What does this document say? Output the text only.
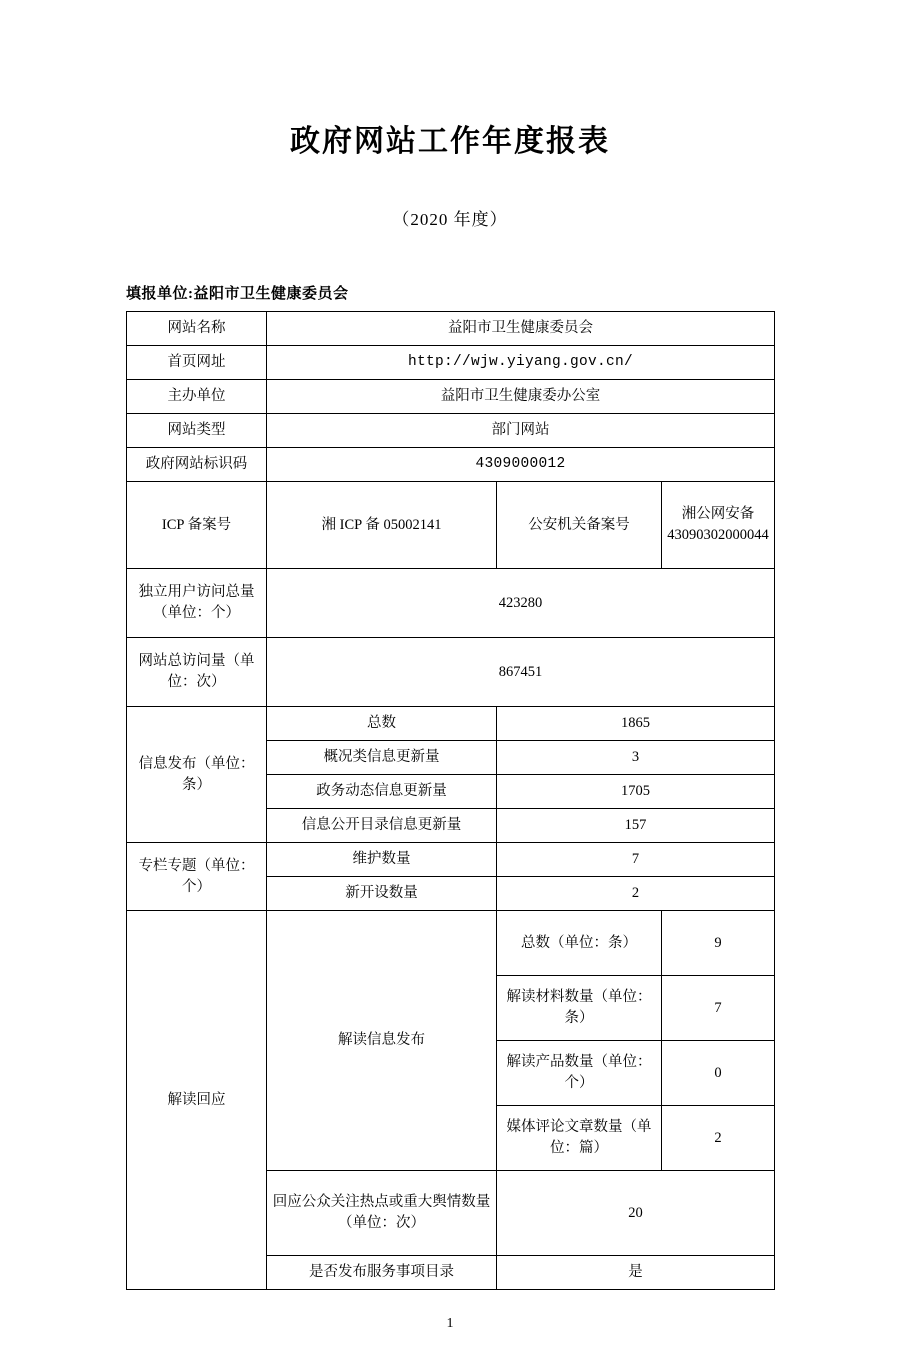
政府网站工作年度报表

（2020 年度）

填报单位:益阳市卫生健康委员会

网站名称	益阳市卫生健康委员会		
首页网址	http://wjw.yiyang.gov.cn/		
主办单位	益阳市卫生健康委办公室		
网站类型	部门网站		
政府网站标识码	4309000012		
ICP 备案号	湘 ICP 备 05002141	公安机关备案号	湘公网安备 43090302000044
独立用户访问总量（单位：个）	423280		
网站总访问量（单位：次）	867451		
信息发布（单位：条）	总数	1865	
	概况类信息更新量	3	
	政务动态信息更新量	1705	
	信息公开目录信息更新量	157	
专栏专题（单位：个）	维护数量	7	
	新开设数量	2	
解读回应	解读信息发布	总数（单位：条）	9
		解读材料数量（单位：条）	7
		解读产品数量（单位：个）	0
		媒体评论文章数量（单位：篇）	2
	回应公众关注热点或重大舆情数量（单位：次）	20	
	是否发布服务事项目录	是	
1
